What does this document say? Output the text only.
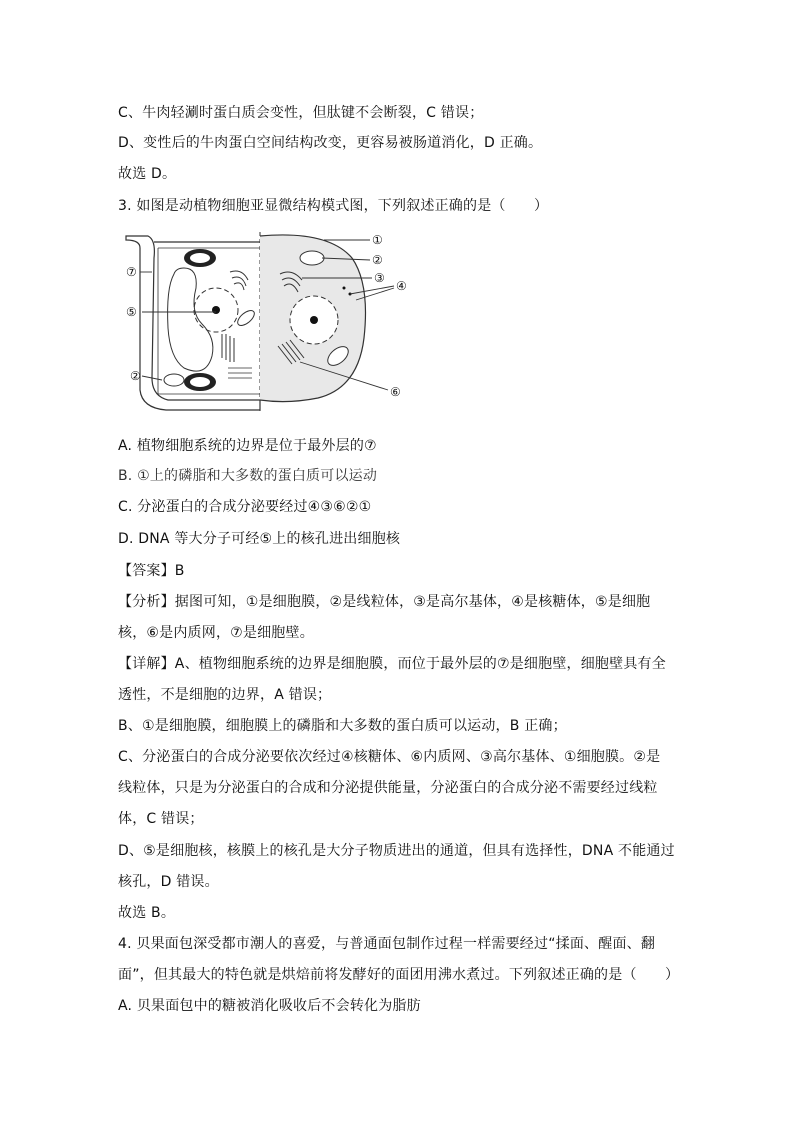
C、牛肉轻涮时蛋白质会变性，但肽键不会断裂，C 错误；
D、变性后的牛肉蛋白空间结构改变，更容易被肠道消化，D 正确。
故选 D。
3. 如图是动植物细胞亚显微结构模式图，下列叙述正确的是（　　）
①
②
③
④
⑤
⑥
⑦
②
A. 植物细胞系统的边界是位于最外层的⑦
B. ①上的磷脂和大多数的蛋白质可以运动
C. 分泌蛋白的合成分泌要经过④③⑥②①
D. DNA 等大分子可经⑤上的核孔进出细胞核
【答案】B
【分析】据图可知，①是细胞膜，②是线粒体，③是高尔基体，④是核糖体，⑤是细胞
核，⑥是内质网，⑦是细胞壁。
【详解】A、植物细胞系统的边界是细胞膜，而位于最外层的⑦是细胞壁，细胞壁具有全
透性，不是细胞的边界，A 错误；
B、①是细胞膜，细胞膜上的磷脂和大多数的蛋白质可以运动，B 正确；
C、分泌蛋白的合成分泌要依次经过④核糖体、⑥内质网、③高尔基体、①细胞膜。②是
线粒体，只是为分泌蛋白的合成和分泌提供能量，分泌蛋白的合成分泌不需要经过线粒
体，C 错误；
D、⑤是细胞核，核膜上的核孔是大分子物质进出的通道，但具有选择性，DNA 不能通过
核孔，D 错误。
故选 B。
4. 贝果面包深受都市潮人的喜爱，与普通面包制作过程一样需要经过“揉面、醒面、翻
面”，但其最大的特色就是烘焙前将发酵好的面团用沸水煮过。下列叙述正确的是（　　）
A. 贝果面包中的糖被消化吸收后不会转化为脂肪
